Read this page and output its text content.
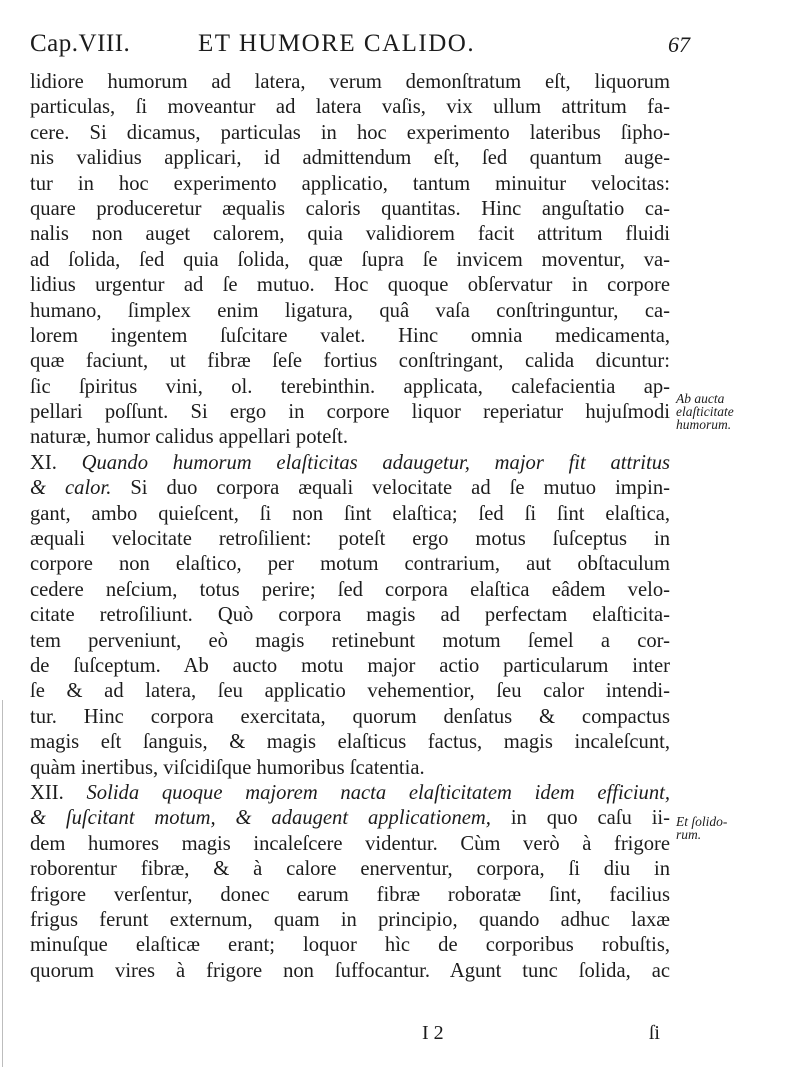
Cap.VIII.	ET HUMORE CALIDO.	67
lidiore humorum ad latera, verum demonſtratum eſt, liquorum
particulas, ſi moveantur ad latera vaſis, vix ullum attritum fa-
cere. Si dicamus, particulas in hoc experimento lateribus ſipho-
nis validius applicari, id admittendum eſt, ſed quantum auge-
tur in hoc experimento applicatio, tantum minuitur velocitas:
quare produceretur æqualis caloris quantitas. Hinc anguſtatio ca-
nalis non auget calorem, quia validiorem facit attritum fluidi
ad ſolida, ſed quia ſolida, quæ ſupra ſe invicem moventur, va-
lidius urgentur ad ſe mutuo. Hoc quoque obſervatur in corpore
humano, ſimplex enim ligatura, quâ vaſa conſtringuntur, ca-
lorem ingentem ſuſcitare valet. Hinc omnia medicamenta,
quæ faciunt, ut fibræ ſeſe fortius conſtringant, calida dicuntur:
ſic ſpiritus vini, ol. terebinthin. applicata, calefacientia ap-
pellari poſſunt. Si ergo in corpore liquor reperiatur hujuſmodi
naturæ, humor calidus appellari poteſt.
XI. Quando humorum elaſticitas adaugetur, major fit attritus
& calor. Si duo corpora æquali velocitate ad ſe mutuo impin-
gant, ambo quieſcent, ſi non ſint elaſtica; ſed ſi ſint elaſtica,
æquali velocitate retroſilient: poteſt ergo motus ſuſceptus in
corpore non elaſtico, per motum contrarium, aut obſtaculum
cedere neſcium, totus perire; ſed corpora elaſtica eâdem velo-
citate retroſiliunt. Quò corpora magis ad perfectam elaſticita-
tem perveniunt, eò magis retinebunt motum ſemel a cor-
de ſuſceptum. Ab aucto motu major actio particularum inter
ſe & ad latera, ſeu applicatio vehementior, ſeu calor intendi-
tur. Hinc corpora exercitata, quorum denſatus & compactus
magis eſt ſanguis, & magis elaſticus factus, magis incaleſcunt,
quàm inertibus, viſcidiſque humoribus ſcatentia.
XII. Solida quoque majorem nacta elaſticitatem idem efficiunt,
& ſuſcitant motum, & adaugent applicationem, in quo caſu ii-
dem humores magis incaleſcere videntur. Cùm verò à frigore
roborentur fibræ, & à calore enerventur, corpora, ſi diu in
frigore verſentur, donec earum fibræ roboratæ ſint, facilius
frigus ferunt externum, quam in principio, quando adhuc laxæ
minuſque elaſticæ erant; loquor hìc de corporibus robuſtis,
quorum vires à frigore non ſuffocantur. Agunt tunc ſolida, ac
Ab aucta
elaſticitate
humorum.
Et ſolido-
rum.
I 2	ſi
